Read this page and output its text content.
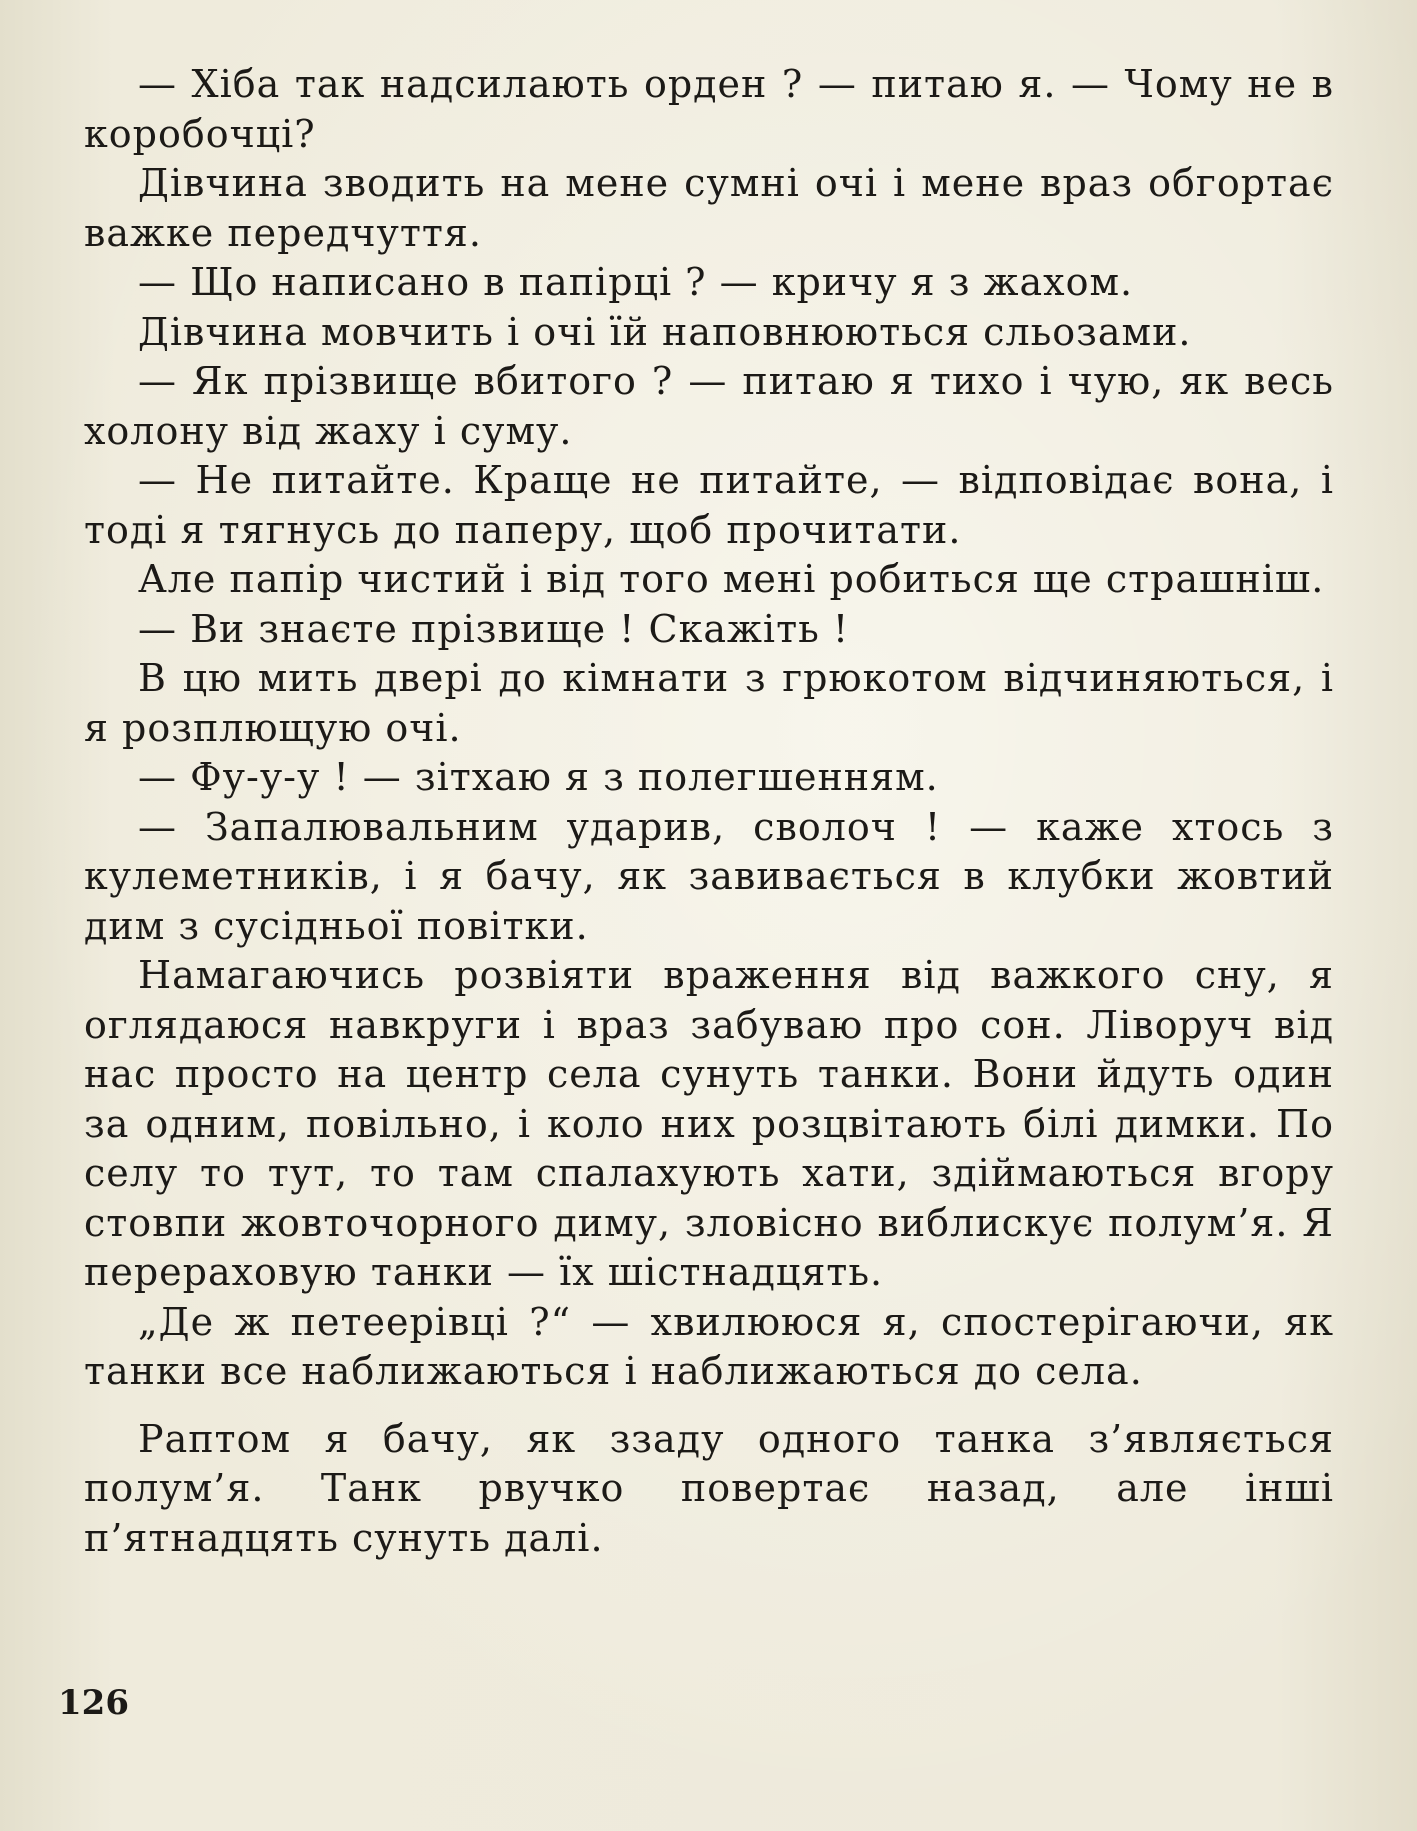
— Хіба так надсилають орден ? — питаю я. — Чому не в коробочці?

Дівчина зводить на мене сумні очі і мене враз обгортає важке передчуття.

— Що написано в папірці ? — кричу я з жахом.

Дівчина мовчить і очі їй наповнюються сльозами.

— Як прізвище вбитого ? — питаю я тихо і чую, як весь холону від жаху і суму.

— Не питайте. Краще не питайте, — відповідає вона, і тоді я тягнусь до паперу, щоб прочитати.

Але папір чистий і від того мені робиться ще страшніш.

— Ви знаєте прізвище ! Скажіть !

В цю мить двері до кімнати з грюкотом відчиняються, і я розплющую очі.

— Фу-у-у ! — зітхаю я з полегшенням.

— Запалювальним ударив, сволоч ! — каже хтось з кулеметників, і я бачу, як завивається в клубки жовтий дим з сусідньої повітки.

Намагаючись розвіяти враження від важкого сну, я оглядаюся навкруги і враз забуваю про сон. Ліворуч від нас просто на центр села сунуть танки. Вони йдуть один за одним, повільно, і коло них розцвітають білі димки. По селу то тут, то там спалахують хати, здіймаються вгору стовпи жовточорного диму, зловісно виблискує полум’я. Я перераховую танки — їх шістнадцять.

„Де ж петеерівці ?“ — хвилююся я, спостерігаючи, як танки все наближаються і наближаються до села.

Раптом я бачу, як ззаду одного танка з’являється полум’я. Танк рвучко повертає назад, але інші п’ятнадцять сунуть далі.

126
